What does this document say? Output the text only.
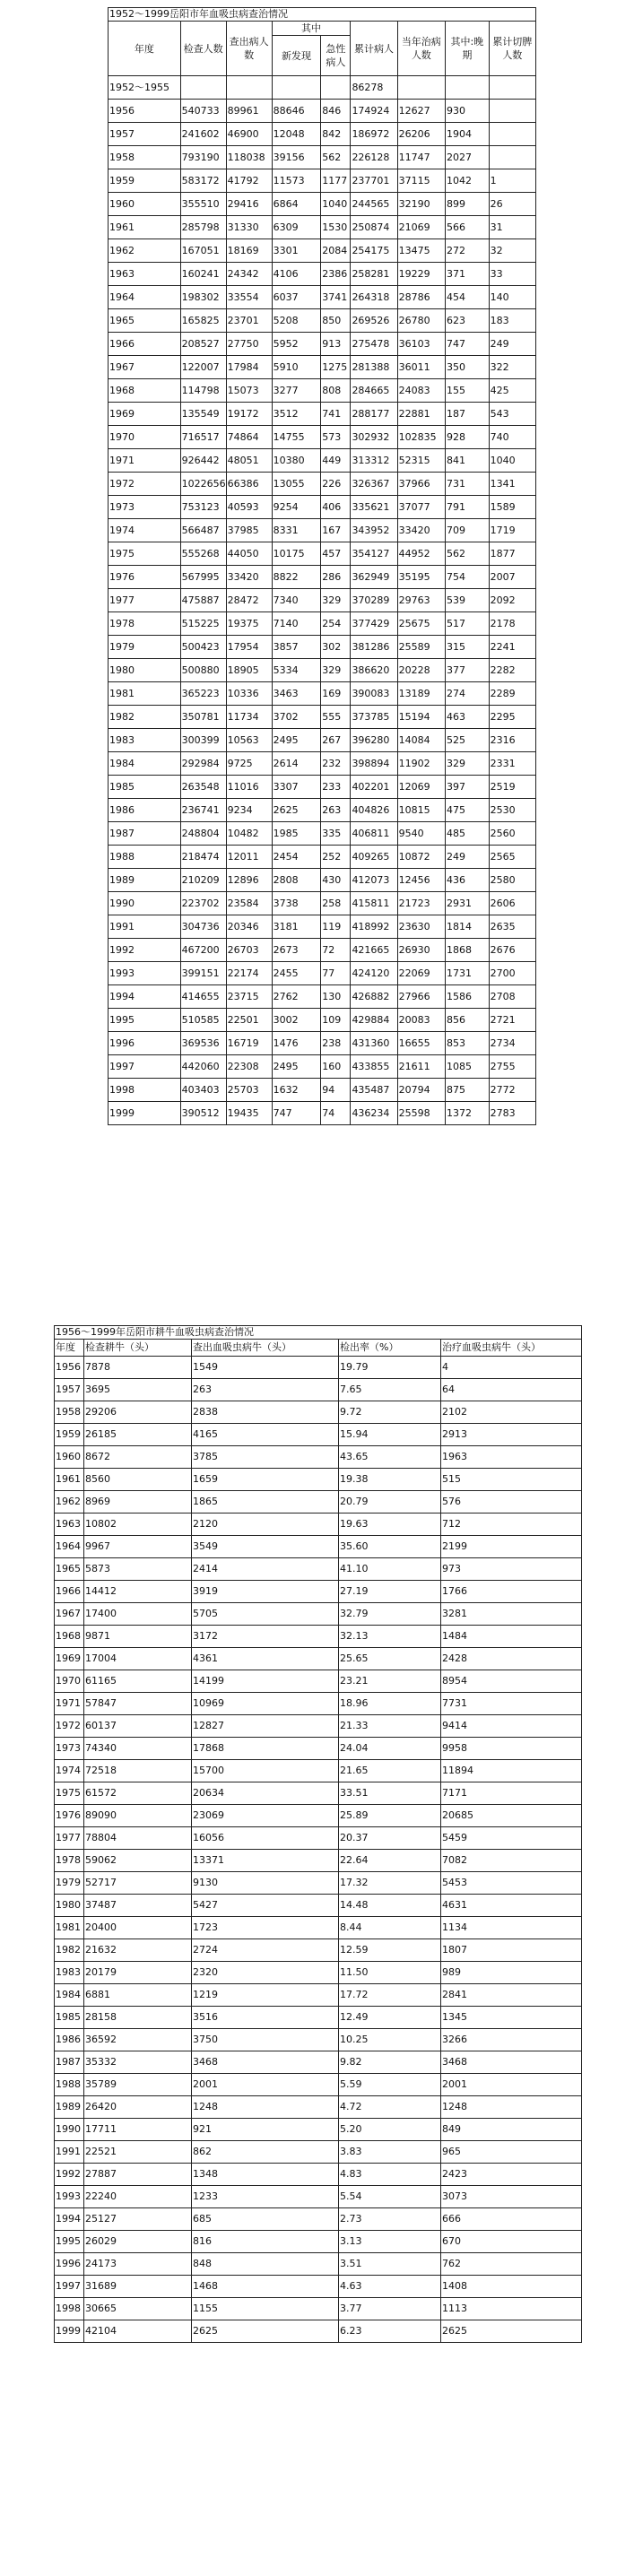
1952～1999岳阳市年血吸虫病查治情况								
年度	检查人数	查出病人数	其中		累计病人	当年治病人数	其中:晚期	累计切脾人数
			新发现	急性病人				

1952～1955					86278			
1956	540733	89961	88646	846	174924	12627	930	
1957	241602	46900	12048	842	186972	26206	1904	
1958	793190	118038	39156	562	226128	11747	2027	
1959	583172	41792	11573	1177	237701	37115	1042	1
1960	355510	29416	6864	1040	244565	32190	899	26
1961	285798	31330	6309	1530	250874	21069	566	31
1962	167051	18169	3301	2084	254175	13475	272	32
1963	160241	24342	4106	2386	258281	19229	371	33
1964	198302	33554	6037	3741	264318	28786	454	140
1965	165825	23701	5208	850	269526	26780	623	183
1966	208527	27750	5952	913	275478	36103	747	249
1967	122007	17984	5910	1275	281388	36011	350	322
1968	114798	15073	3277	808	284665	24083	155	425
1969	135549	19172	3512	741	288177	22881	187	543
1970	716517	74864	14755	573	302932	102835	928	740
1971	926442	48051	10380	449	313312	52315	841	1040
1972	1022656	66386	13055	226	326367	37966	731	1341
1973	753123	40593	9254	406	335621	37077	791	1589
1974	566487	37985	8331	167	343952	33420	709	1719
1975	555268	44050	10175	457	354127	44952	562	1877
1976	567995	33420	8822	286	362949	35195	754	2007
1977	475887	28472	7340	329	370289	29763	539	2092
1978	515225	19375	7140	254	377429	25675	517	2178
1979	500423	17954	3857	302	381286	25589	315	2241
1980	500880	18905	5334	329	386620	20228	377	2282
1981	365223	10336	3463	169	390083	13189	274	2289
1982	350781	11734	3702	555	373785	15194	463	2295
1983	300399	10563	2495	267	396280	14084	525	2316
1984	292984	9725	2614	232	398894	11902	329	2331
1985	263548	11016	3307	233	402201	12069	397	2519
1986	236741	9234	2625	263	404826	10815	475	2530
1987	248804	10482	1985	335	406811	9540	485	2560
1988	218474	12011	2454	252	409265	10872	249	2565
1989	210209	12896	2808	430	412073	12456	436	2580
1990	223702	23584	3738	258	415811	21723	2931	2606
1991	304736	20346	3181	119	418992	23630	1814	2635
1992	467200	26703	2673	72	421665	26930	1868	2676
1993	399151	22174	2455	77	424120	22069	1731	2700
1994	414655	23715	2762	130	426882	27966	1586	2708
1995	510585	22501	3002	109	429884	20083	856	2721
1996	369536	16719	1476	238	431360	16655	853	2734
1997	442060	22308	2495	160	433855	21611	1085	2755
1998	403403	25703	1632	94	435487	20794	875	2772
1999	390512	19435	747	74	436234	25598	1372	2783
1956～1999年岳阳市耕牛血吸虫病查治情况				
年度	检查耕牛（头）	查出血吸虫病牛（头）	检出率（%）	治疗血吸虫病牛（头）
1956	7878	1549	19.79	4
1957	3695	263	7.65	64
1958	29206	2838	9.72	2102
1959	26185	4165	15.94	2913
1960	8672	3785	43.65	1963
1961	8560	1659	19.38	515
1962	8969	1865	20.79	576
1963	10802	2120	19.63	712
1964	9967	3549	35.60	2199
1965	5873	2414	41.10	973
1966	14412	3919	27.19	1766
1967	17400	5705	32.79	3281
1968	9871	3172	32.13	1484
1969	17004	4361	25.65	2428
1970	61165	14199	23.21	8954
1971	57847	10969	18.96	7731
1972	60137	12827	21.33	9414
1973	74340	17868	24.04	9958
1974	72518	15700	21.65	11894
1975	61572	20634	33.51	7171
1976	89090	23069	25.89	20685
1977	78804	16056	20.37	5459
1978	59062	13371	22.64	7082
1979	52717	9130	17.32	5453
1980	37487	5427	14.48	4631
1981	20400	1723	8.44	1134
1982	21632	2724	12.59	1807
1983	20179	2320	11.50	989
1984	6881	1219	17.72	2841
1985	28158	3516	12.49	1345
1986	36592	3750	10.25	3266
1987	35332	3468	9.82	3468
1988	35789	2001	5.59	2001
1989	26420	1248	4.72	1248
1990	17711	921	5.20	849
1991	22521	862	3.83	965
1992	27887	1348	4.83	2423
1993	22240	1233	5.54	3073
1994	25127	685	2.73	666
1995	26029	816	3.13	670
1996	24173	848	3.51	762
1997	31689	1468	4.63	1408
1998	30665	1155	3.77	1113
1999	42104	2625	6.23	2625
